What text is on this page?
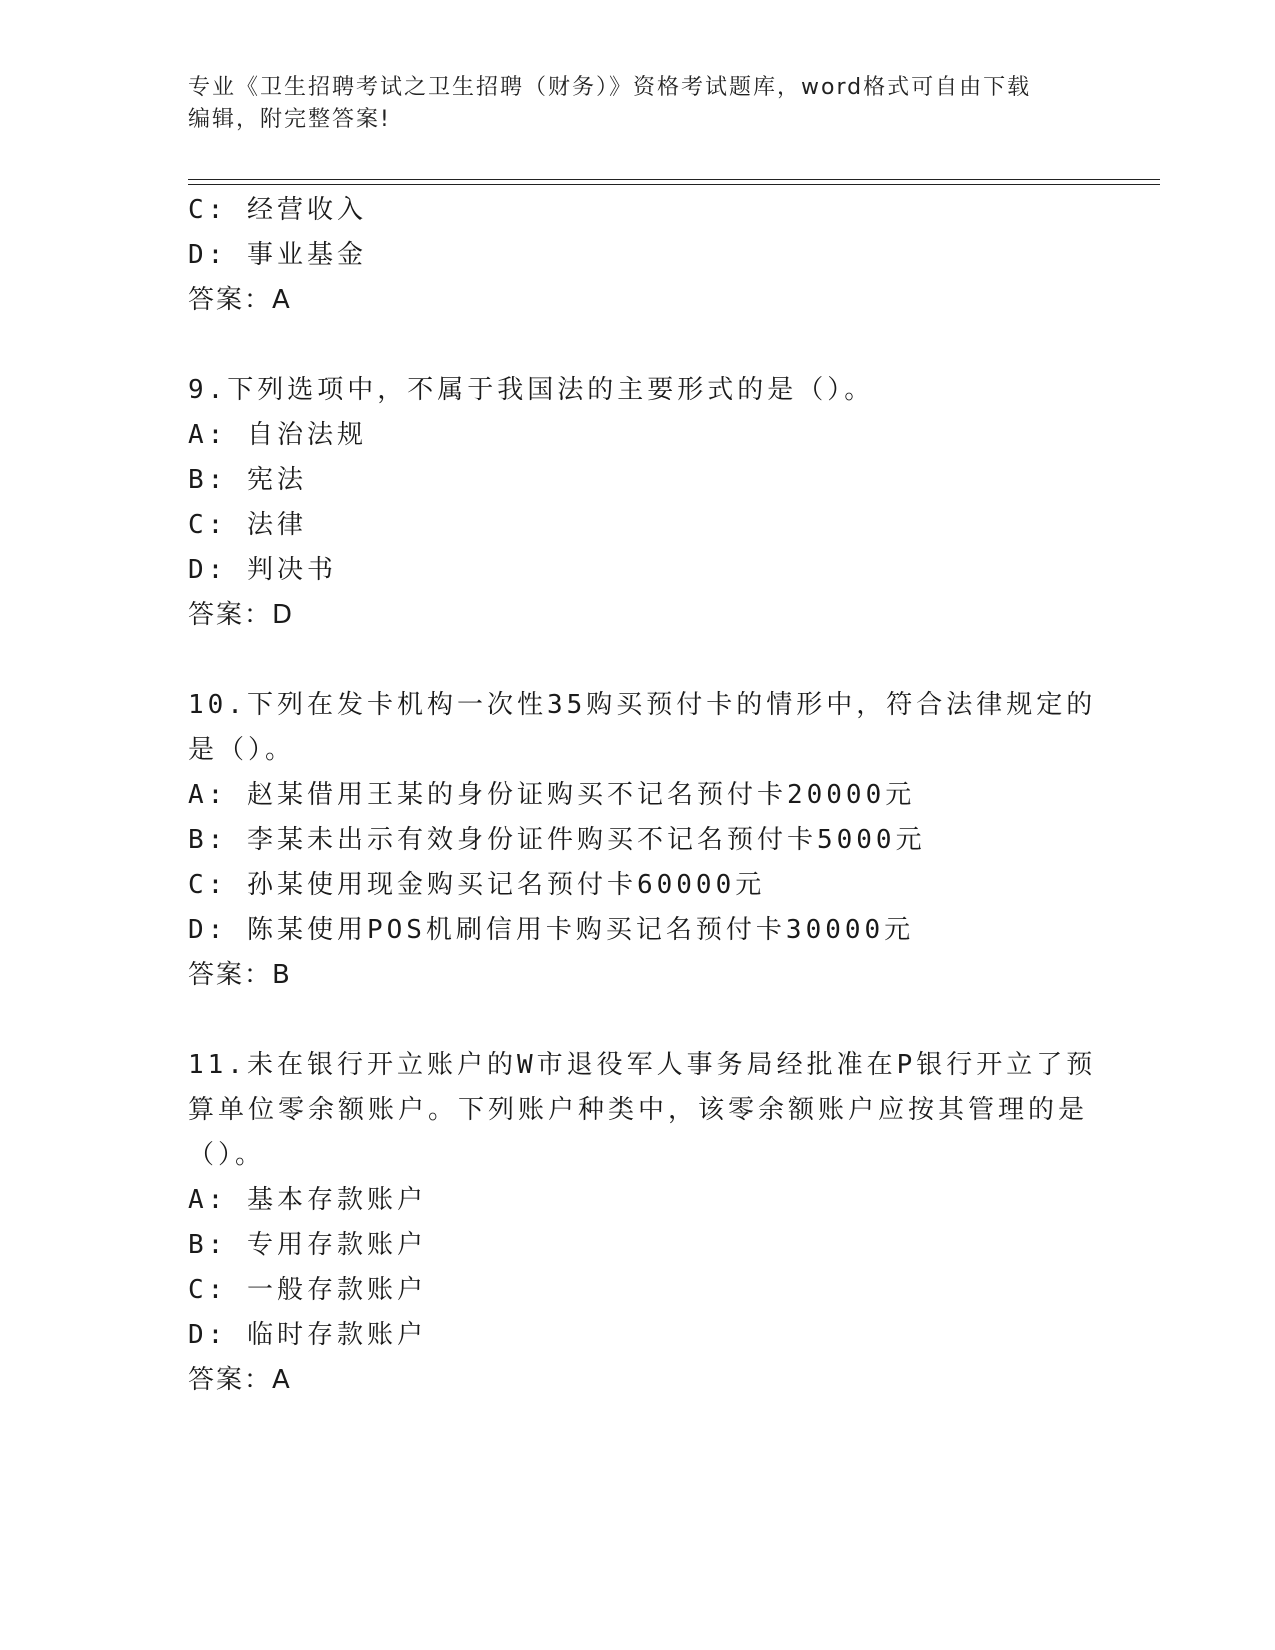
专业《卫生招聘考试之卫生招聘（财务）》资格考试题库，word格式可自由下载
编辑，附完整答案!
C: 经营收入
D: 事业基金
答案：A
9.下列选项中，不属于我国法的主要形式的是（）。
A: 自治法规
B: 宪法
C: 法律
D: 判决书
答案：D
10.下列在发卡机构一次性35购买预付卡的情形中，符合法律规定的
是（）。
A: 赵某借用王某的身份证购买不记名预付卡20000元
B: 李某未出示有效身份证件购买不记名预付卡5000元
C: 孙某使用现金购买记名预付卡60000元
D: 陈某使用POS机刷信用卡购买记名预付卡30000元
答案：B
11.未在银行开立账户的W市退役军人事务局经批准在P银行开立了预
算单位零余额账户。下列账户种类中，该零余额账户应按其管理的是
（）。
A: 基本存款账户
B: 专用存款账户
C: 一般存款账户
D: 临时存款账户
答案：A
